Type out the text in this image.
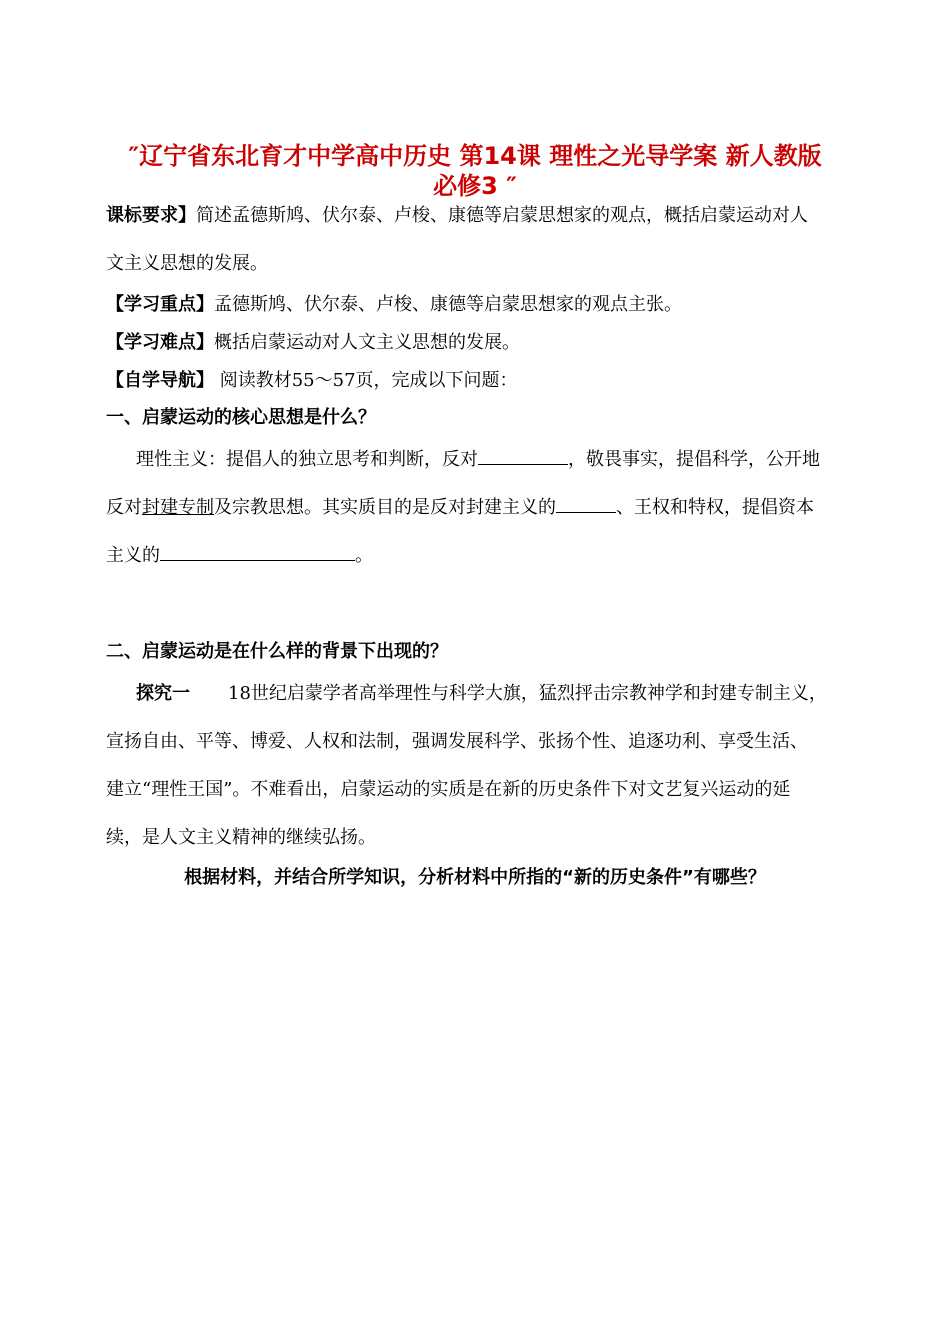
″辽宁省东北育才中学高中历史 第14课 理性之光导学案 新人教版
必修3 ″
课标要求】简述孟德斯鸠、伏尔泰、卢梭、康德等启蒙思想家的观点，概括启蒙运动对人
文主义思想的发展。
【学习重点】孟德斯鸠、伏尔泰、卢梭、康德等启蒙思想家的观点主张。
【学习难点】概括启蒙运动对人文主义思想的发展。
【自学导航】 阅读教材55～57页，完成以下问题：
一、启蒙运动的核心思想是什么？
理性主义：提倡人的独立思考和判断，反对	，敬畏事实，提倡科学，公开地
反对封建专制及宗教思想。其实质目的是反对封建主义的	、王权和特权，提倡资本
主义的	。
二、启蒙运动是在什么样的背景下出现的？
探究一 18世纪启蒙学者高举理性与科学大旗，猛烈抨击宗教神学和封建专制主义，
宣扬自由、平等、博爱、人权和法制，强调发展科学、张扬个性、追逐功利、享受生活、
建立“理性王国”。不难看出，启蒙运动的实质是在新的历史条件下对文艺复兴运动的延
续，是人文主义精神的继续弘扬。
根据材料，并结合所学知识，分析材料中所指的“新的历史条件”有哪些？
